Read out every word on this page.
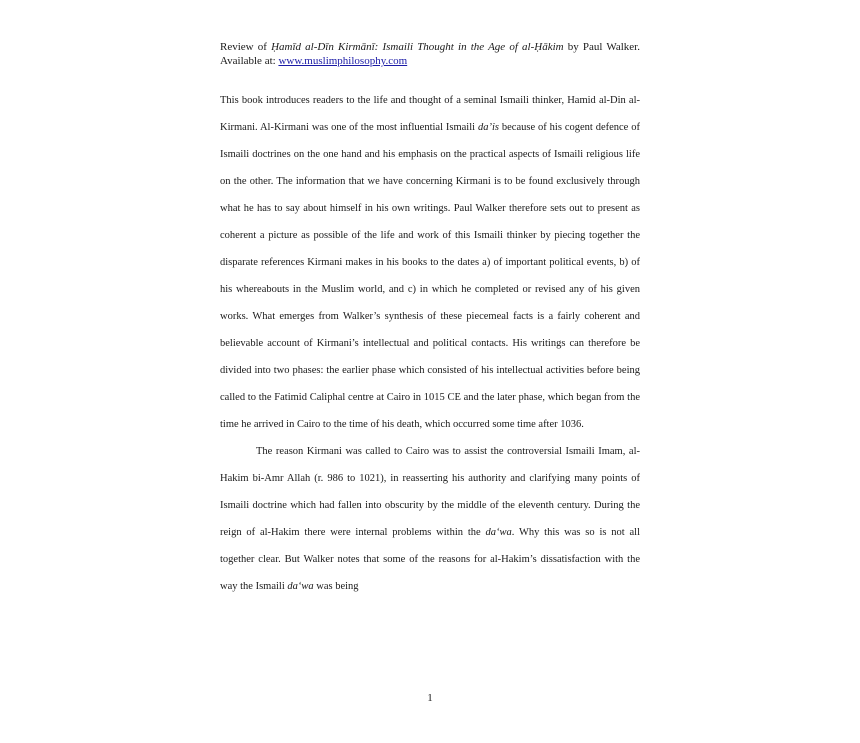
Review of Ḥamīd al-Dīn Kirmānī: Ismaili Thought in the Age of al-Ḥākim by Paul Walker. Available at: www.muslimphilosophy.com

This book introduces readers to the life and thought of a seminal Ismaili thinker, Hamid al-Din al-Kirmani. Al-Kirmani was one of the most influential Ismaili da’is because of his cogent defence of Ismaili doctrines on the one hand and his emphasis on the practical aspects of Ismaili religious life on the other. The information that we have concerning Kirmani is to be found exclusively through what he has to say about himself in his own writings. Paul Walker therefore sets out to present as coherent a picture as possible of the life and work of this Ismaili thinker by piecing together the disparate references Kirmani makes in his books to the dates a) of important political events, b) of his whereabouts in the Muslim world, and c) in which he completed or revised any of his given works. What emerges from Walker’s synthesis of these piecemeal facts is a fairly coherent and believable account of Kirmani’s intellectual and political contacts. His writings can therefore be divided into two phases: the earlier phase which consisted of his intellectual activities before being called to the Fatimid Caliphal centre at Cairo in 1015 CE and the later phase, which began from the time he arrived in Cairo to the time of his death, which occurred some time after 1036.

The reason Kirmani was called to Cairo was to assist the controversial Ismaili Imam, al-Hakim bi-Amr Allah (r. 986 to 1021), in reasserting his authority and clarifying many points of Ismaili doctrine which had fallen into obscurity by the middle of the eleventh century. During the reign of al-Hakim there were internal problems within the da‘wa. Why this was so is not all together clear. But Walker notes that some of the reasons for al-Hakim’s dissatisfaction with the way the Ismaili da‘wa was being

1
